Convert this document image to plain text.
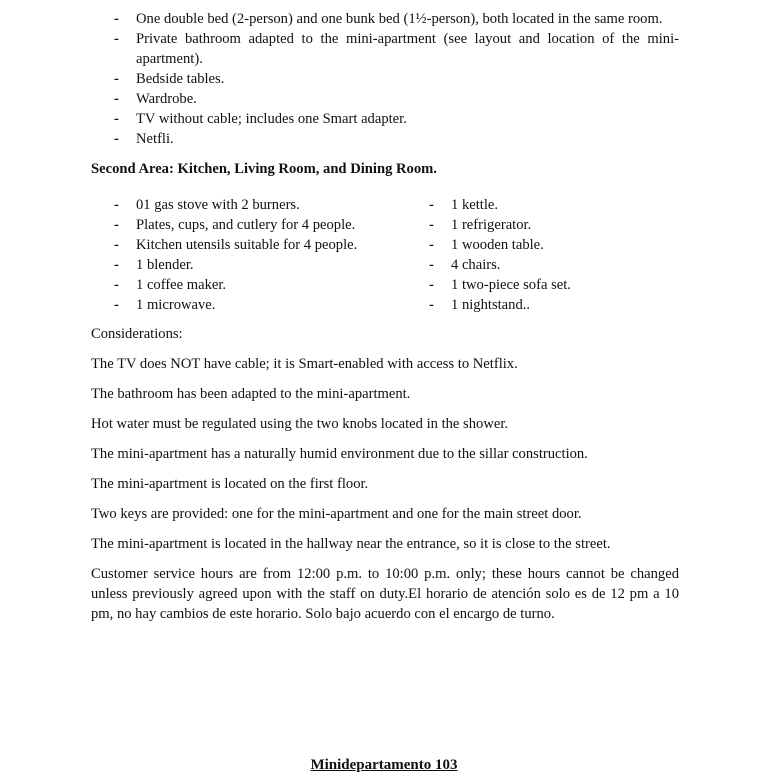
- One double bed (2-person) and one bunk bed (1½-person), both located in the same room.
- Private bathroom adapted to the mini-apartment (see layout and location of the mini-apartment).
- Bedside tables.
- Wardrobe.
- TV without cable; includes one Smart adapter.
- Netfli.
Second Area: Kitchen, Living Room, and Dining Room.
- 01 gas stove with 2 burners.
- Plates, cups, and cutlery for 4 people.
- Kitchen utensils suitable for 4 people.
- 1 blender.
- 1 coffee maker.
- 1 microwave.
- 1 kettle.
- 1 refrigerator.
- 1 wooden table.
- 4 chairs.
- 1 two-piece sofa set.
- 1 nightstand..

Considerations:

The TV does NOT have cable; it is Smart-enabled with access to Netflix.

The bathroom has been adapted to the mini-apartment.

Hot water must be regulated using the two knobs located in the shower.

The mini-apartment has a naturally humid environment due to the sillar construction.

The mini-apartment is located on the first floor.

Two keys are provided: one for the mini-apartment and one for the main street door.

The mini-apartment is located in the hallway near the entrance, so it is close to the street.

Customer service hours are from 12:00 p.m. to 10:00 p.m. only; these hours cannot be changed unless previously agreed upon with the staff on duty.El horario de atención solo es de 12 pm a 10 pm, no hay cambios de este horario. Solo bajo acuerdo con el encargo de turno.

Minidepartamento 103
